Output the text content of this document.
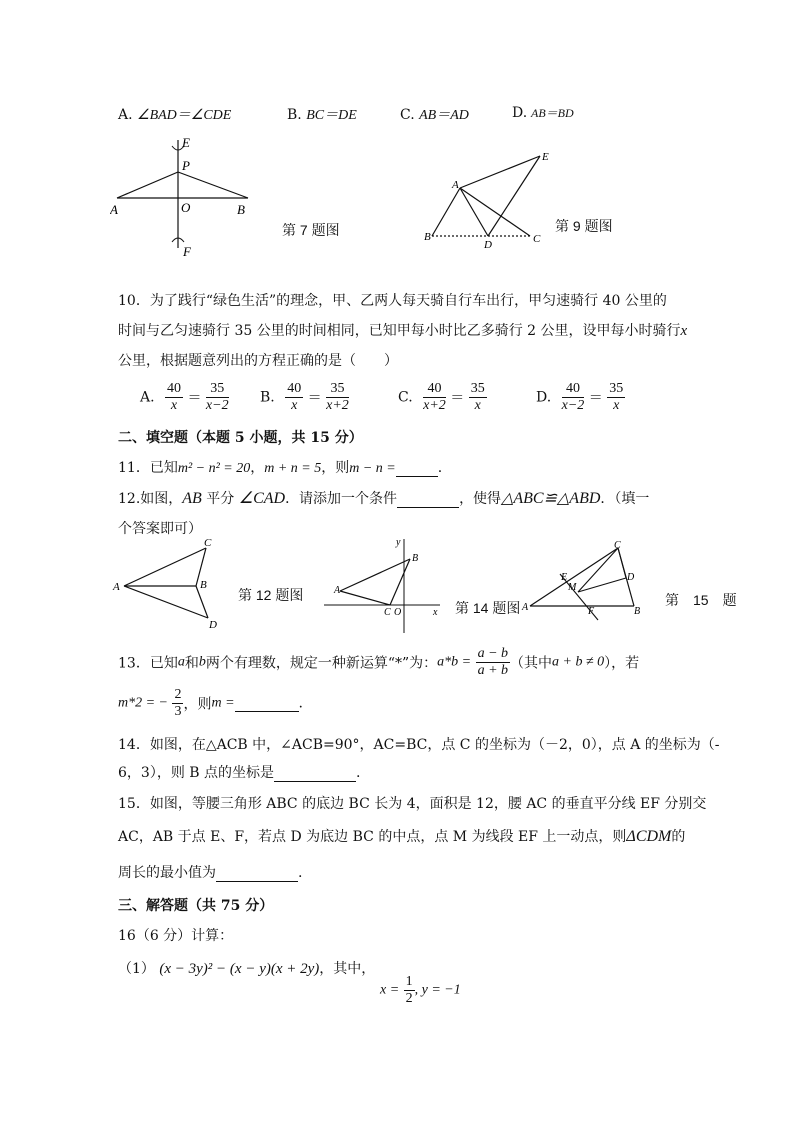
A. ∠BAD＝∠CDE	B. BC＝DE	C. AB＝AD	D. AB＝BD
E
P
A	O	B
F
第 7 题图
E
A
B
D	C
第 9 题图
10．为了践行“绿色生活”的理念，甲、乙两人每天骑自行车出行，甲匀速骑行 40 公里的
时间与乙匀速骑行 35 公里的时间相同，已知甲每小时比乙多骑行 2 公里，设甲每小时骑行x
公里，根据题意列出的方程正确的是（　　）
A. $\frac{40}{x} = \frac{35}{x-2} B$. $\frac{40}{x} = \frac{35}{x+2}$	C. $\frac{40}{x+2} = \frac{35}{x}$	D. $\frac{40}{x-2} = \frac{35}{x}$
二、填空题（本题 5 小题，共 15 分）
11．已知m² − n² = 20，m + n = 5，则m − n =	.
12.如图，AB 平分 ∠CAD．请添加一个条件	，使得△ABC≌△ABD．（填一
个答案即可）
C
A	B
D
第 12 题图
y
B
A
C O	x 第 14 题图
C
E	D
M
A	F	B
第　15　题
13．已知a和b两个有理数，规定一种新运算“*”为：$a*b = \frac{a - b}{a + b}$ （其中a + b ≠ 0），若
m*2 = − $\frac{2}{3}$ ，则m =	.
14．如图，在△ACB 中，∠ACB=90°，AC=BC，点 C 的坐标为（－2，0），点 A 的坐标为（-
6，3），则 B 点的坐标是	.
15．如图，等腰三角形 ABC 的底边 BC 长为 4，面积是 12，腰 AC 的垂直平分线 EF 分别交
AC，AB 于点 E、F，若点 D 为底边 BC 的中点，点 M 为线段 EF 上一动点，则ΔCDM的
周长的最小值为	.
三、解答题（共 75 分）
16（6 分）计算：
（1） (x − 3y)² − (x − y)(x + 2y)，其中，
$x = \frac{1}{2}$ , y = −1
